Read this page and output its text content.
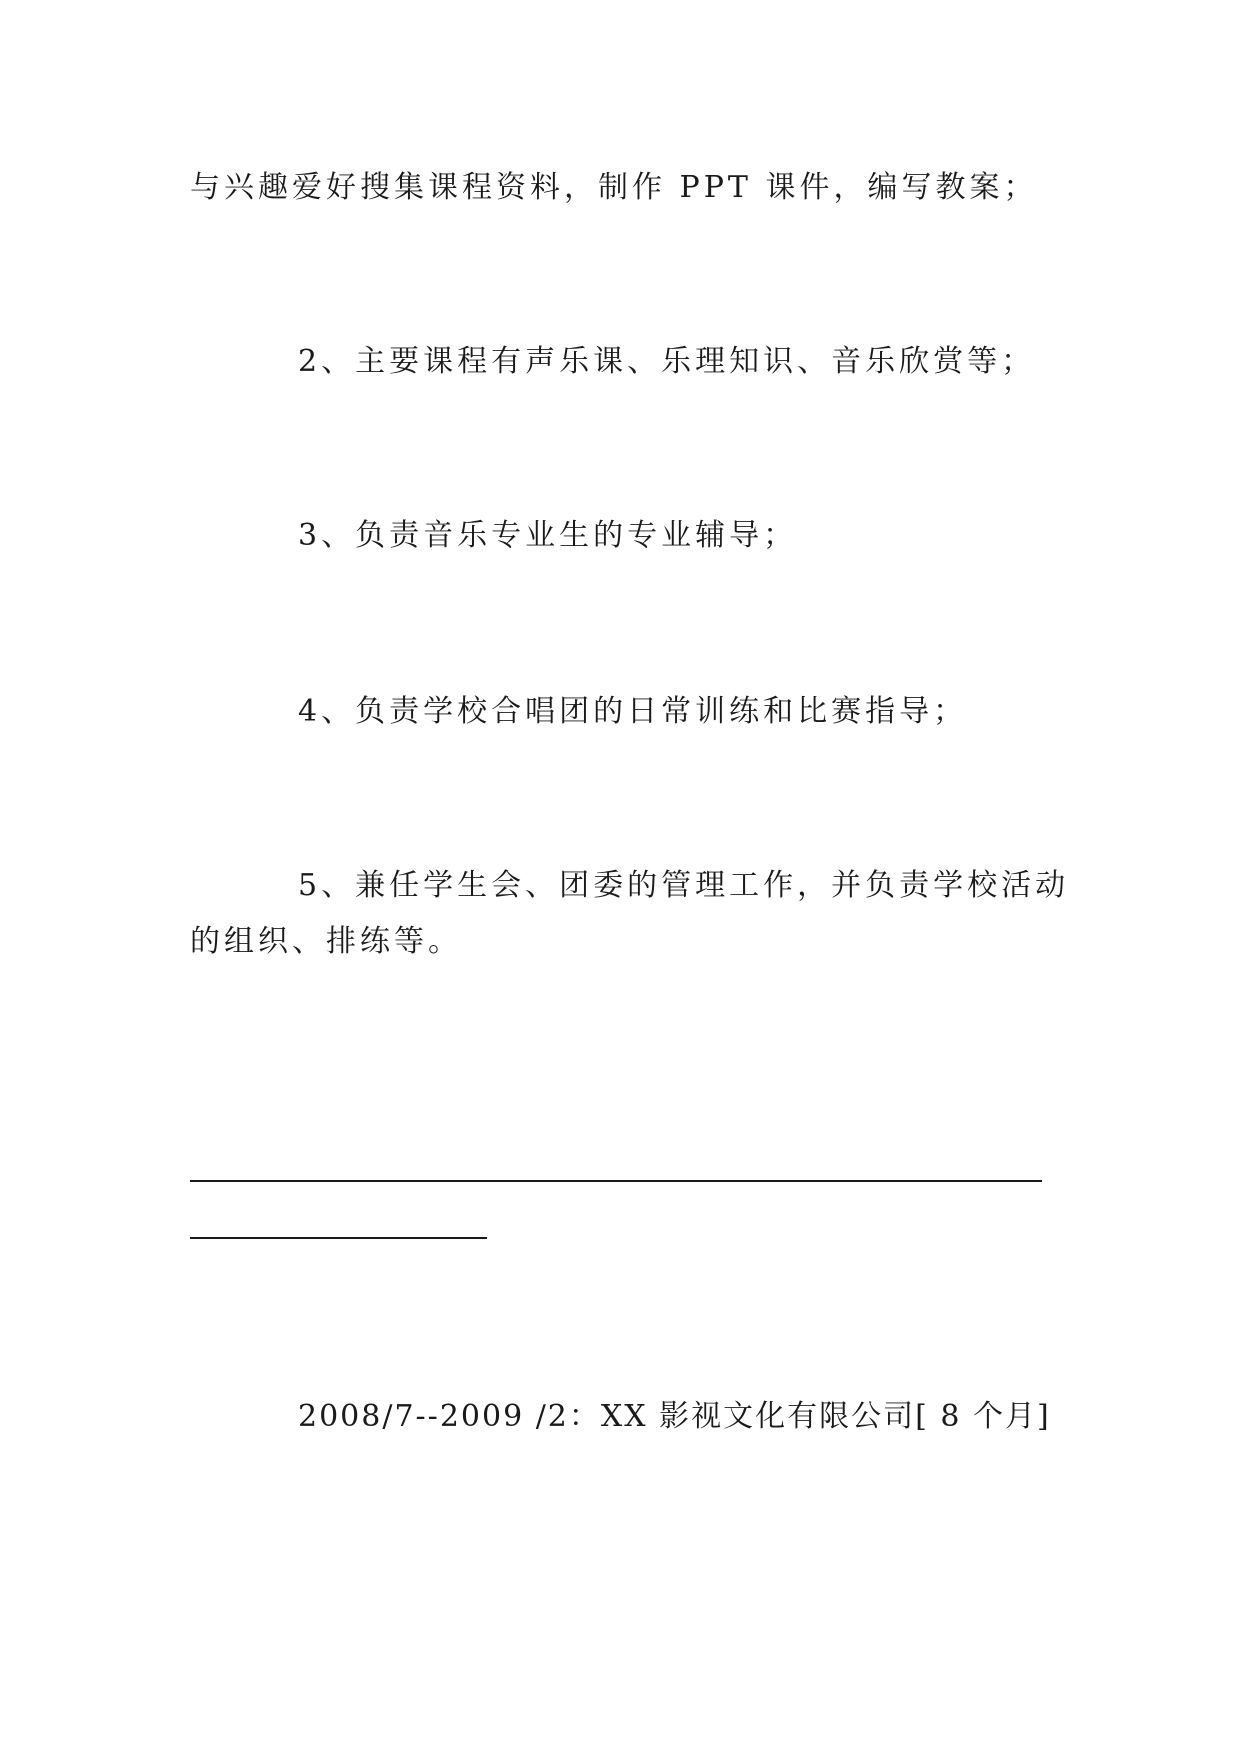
与兴趣爱好搜集课程资料，制作 PPT 课件，编写教案；
2、主要课程有声乐课、乐理知识、音乐欣赏等；
3、负责音乐专业生的专业辅导；
4、负责学校合唱团的日常训练和比赛指导；
5、兼任学生会、团委的管理工作，并负责学校活动
的组织、排练等。
2008/7--2009 /2：XX 影视文化有限公司[ 8 个月]
